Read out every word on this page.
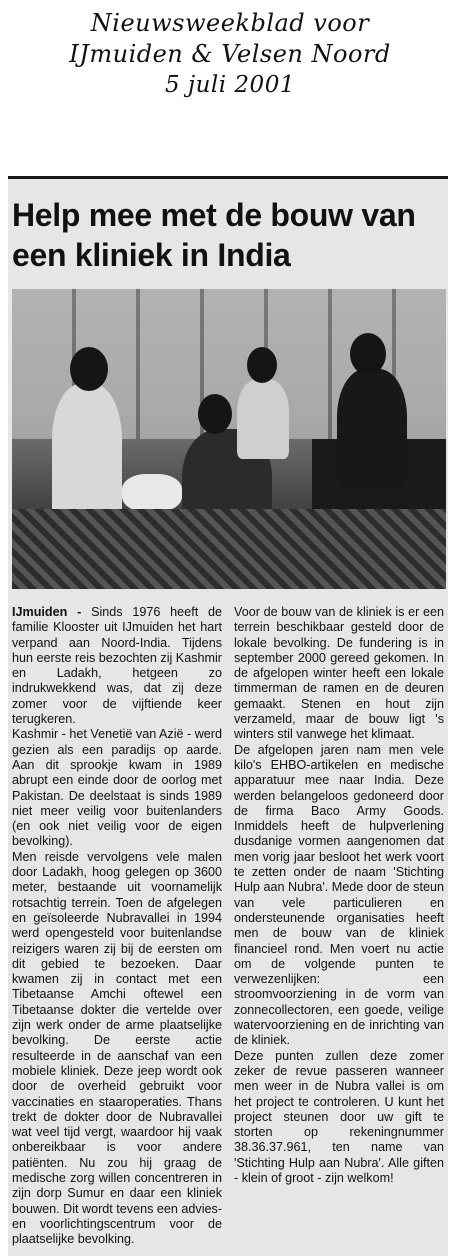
Nieuwsweekblad voor
IJmuiden & Velsen Noord
5 juli 2001
Help mee met de bouw van een kliniek in India

IJmuiden - Sinds 1976 heeft de familie Klooster uit IJmuiden het hart verpand aan Noord-India. Tijdens hun eerste reis bezochten zij Kashmir en Ladakh, hetgeen zo indrukwekkend was, dat zij deze zomer voor de vijftiende keer terugkeren.

Kashmir - het Venetië van Azië - werd gezien als een paradijs op aarde. Aan dit sprookje kwam in 1989 abrupt een einde door de oorlog met Pakistan. De deelstaat is sinds 1989 niet meer veilig voor buitenlanders (en ook niet veilig voor de eigen bevolking).

Men reisde vervolgens vele malen door Ladakh, hoog gelegen op 3600 meter, bestaande uit voornamelijk rotsachtig terrein. Toen de afgelegen en geïsoleerde Nubravallei in 1994 werd opengesteld voor buitenlandse reizigers waren zij bij de eersten om dit gebied te bezoeken. Daar kwamen zij in contact met een Tibetaanse Amchi oftewel een Tibetaanse dokter die vertelde over zijn werk onder de arme plaatselijke bevolking. De eerste actie resulteerde in de aanschaf van een mobiele kliniek. Deze jeep wordt ook door de overheid gebruikt voor vaccinaties en staaroperaties. Thans trekt de dokter door de Nubravallei wat veel tijd vergt, waardoor hij vaak onbereikbaar is voor andere patiënten. Nu zou hij graag de medische zorg willen concentreren in zijn dorp Sumur en daar een kliniek bouwen. Dit wordt tevens een advies- en voorlichtingscentrum voor de plaatselijke bevolking.

Voor de bouw van de kliniek is er een terrein beschikbaar gesteld door de lokale bevolking. De fundering is in september 2000 gereed gekomen. In de afgelopen winter heeft een lokale timmerman de ramen en de deuren gemaakt. Stenen en hout zijn verzameld, maar de bouw ligt 's winters stil vanwege het klimaat.

De afgelopen jaren nam men vele kilo's EHBO-artikelen en medische apparatuur mee naar India. Deze werden belangeloos gedoneerd door de firma Baco Army Goods. Inmiddels heeft de hulpverlening dusdanige vormen aangenomen dat men vorig jaar besloot het werk voort te zetten onder de naam 'Stichting Hulp aan Nubra'. Mede door de steun van vele particulieren en ondersteunende organisaties heeft men de bouw van de kliniek financieel rond. Men voert nu actie om de volgende punten te verwezenlijken: een stroomvoorziening in de vorm van zonnecollectoren, een goede, veilige watervoorziening en de inrichting van de kliniek.

Deze punten zullen deze zomer zeker de revue passeren wanneer men weer in de Nubra vallei is om het project te controleren. U kunt het project steunen door uw gift te storten op rekeningnummer 38.36.37.961, ten name van 'Stichting Hulp aan Nubra'. Alle giften - klein of groot - zijn welkom!
